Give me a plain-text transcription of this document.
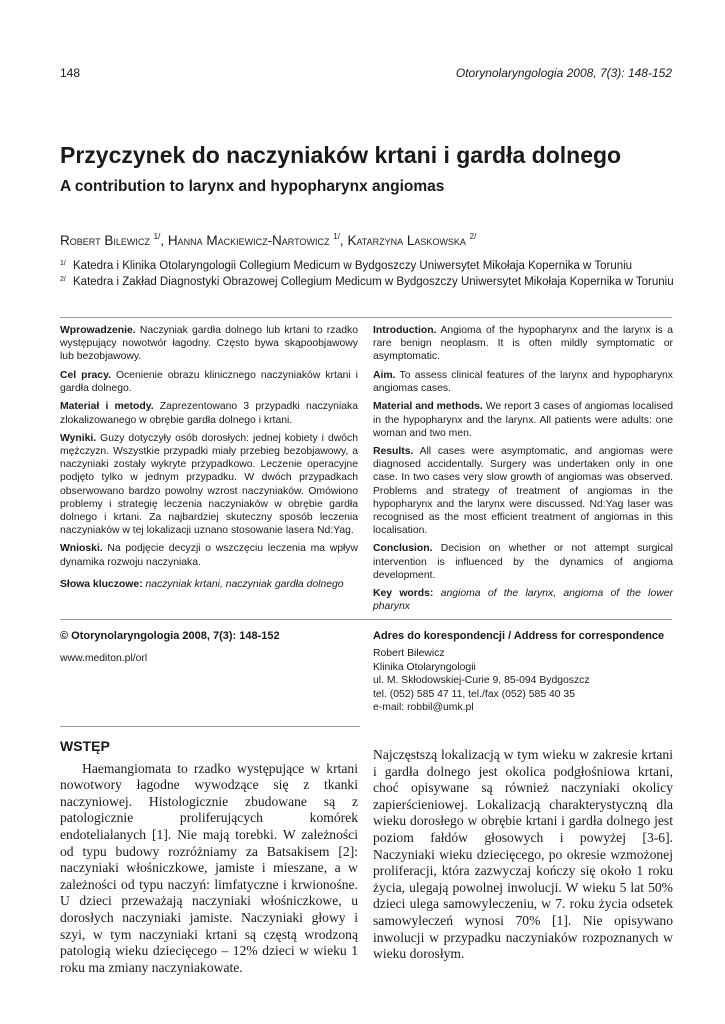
148	Otorynolaryngologia 2008, 7(3): 148-152
Przyczynek do naczyniaków krtani i gardła dolnego
A contribution to larynx and hypopharynx angiomas
Robert Bilewicz $^{1/}$, Hanna Mackiewicz-Nartowicz $^{1/}$, Katarzyna Laskowska $^{2/}$
1/ Katedra i Klinika Otolaryngologii Collegium Medicum w Bydgoszczy Uniwersytet Mikołaja Kopernika w Toruniu
2/ Katedra i Zakład Diagnostyki Obrazowej Collegium Medicum w Bydgoszczy Uniwersytet Mikołaja Kopernika w Toruniu

Wprowadzenie. Naczyniak gardła dolnego lub krtani to rzadko występujący nowotwór łagodny. Często bywa skąpoobjawowy lub bezobjawowy.

Cel pracy. Ocenienie obrazu klinicznego naczyniaków krtani i gardła dolnego.

Materiał i metody. Zaprezentowano 3 przypadki naczyniaka zlokalizowanego w obrębie gardła dolnego i krtani.

Wyniki. Guzy dotyczyły osób dorosłych: jednej kobiety i dwóch mężczyzn. Wszystkie przypadki miały przebieg bezobjawowy, a naczyniaki zostały wykryte przypadkowo. Leczenie operacyjne podjęto tylko w jednym przypadku. W dwóch przypadkach obserwowano bardzo powolny wzrost naczyniaków. Omówiono problemy i strategię leczenia naczyniaków w obrębie gardła dolnego i krtani. Za najbardziej skuteczny sposób leczenia naczyniaków w tej lokalizacji uznano stosowanie lasera Nd:Yag.

Wnioski. Na podjęcie decyzji o wszczęciu leczenia ma wpływ dynamika rozwoju naczyniaka.

Słowa kluczowe: naczyniak krtani, naczyniak gardła dolnego

Introduction. Angioma of the hypopharynx and the larynx is a rare benign neoplasm. It is often mildly symptomatic or asymptomatic.

Aim. To assess clinical features of the larynx and hypopharynx angiomas cases.

Material and methods. We report 3 cases of angiomas localised in the hypopharynx and the larynx. All patients were adults: one woman and two men.

Results. All cases were asymptomatic, and angiomas were diagnosed accidentally. Surgery was undertaken only in one case. In two cases very slow growth of angiomas was observed. Problems and strategy of treatment of angiomas in the hypopharynx and the larynx were discussed. Nd:Yag laser was recognised as the most efficient treatment of angiomas in this localisation.

Conclusion. Decision on whether or not attempt surgical intervention is influenced by the dynamics of angioma development.

Key words: angioma of the larynx, angioma of the lower pharynx

© Otorynolaryngologia 2008, 7(3): 148-152
www.mediton.pl/orl
Adres do korespondencji / Address for correspondence
Robert Bilewicz
Klinika Otolaryngologii
ul. M. Skłodowskiej-Curie 9, 85-094 Bydgoszcz
tel. (052) 585 47 11, tel./fax (052) 585 40 35
e-mail: robbil@umk.pl
WSTĘP

Haemangiomata to rzadko występujące w krtani nowotwory łagodne wywodzące się z tkanki naczyniowej. Histologicznie zbudowane są z patologicznie proliferujących komórek endotelialanych [1]. Nie mają torebki. W zależności od typu budowy rozróżniamy za Batsakisem [2]: naczyniaki włośniczkowe, jamiste i mieszane, a w zależności od typu naczyń: limfatyczne i krwionośne. U dzieci przeważają naczyniaki włośniczkowe, u dorosłych naczyniaki jamiste. Naczyniaki głowy i szyi, w tym naczyniaki krtani są częstą wrodzoną patologią wieku dziecięcego – 12% dzieci w wieku 1 roku ma zmiany naczyniakowate.

Najczęstszą lokalizacją w tym wieku w zakresie krtani i gardła dolnego jest okolica podgłośniowa krtani, choć opisywane są również naczyniaki okolicy zapierścieniowej. Lokalizacją charakterystyczną dla wieku dorosłego w obrębie krtani i gardła dolnego jest poziom fałdów głosowych i powyżej [3-6]. Naczyniaki wieku dziecięcego, po okresie wzmożonej proliferacji, która zazwyczaj kończy się około 1 roku życia, ulegają powolnej inwolucji. W wieku 5 lat 50% dzieci ulega samowyleczeniu, w 7. roku życia odsetek samowyleczeń wynosi 70% [1]. Nie opisywano inwolucji w przypadku naczyniaków rozpoznanych w wieku dorosłym.
